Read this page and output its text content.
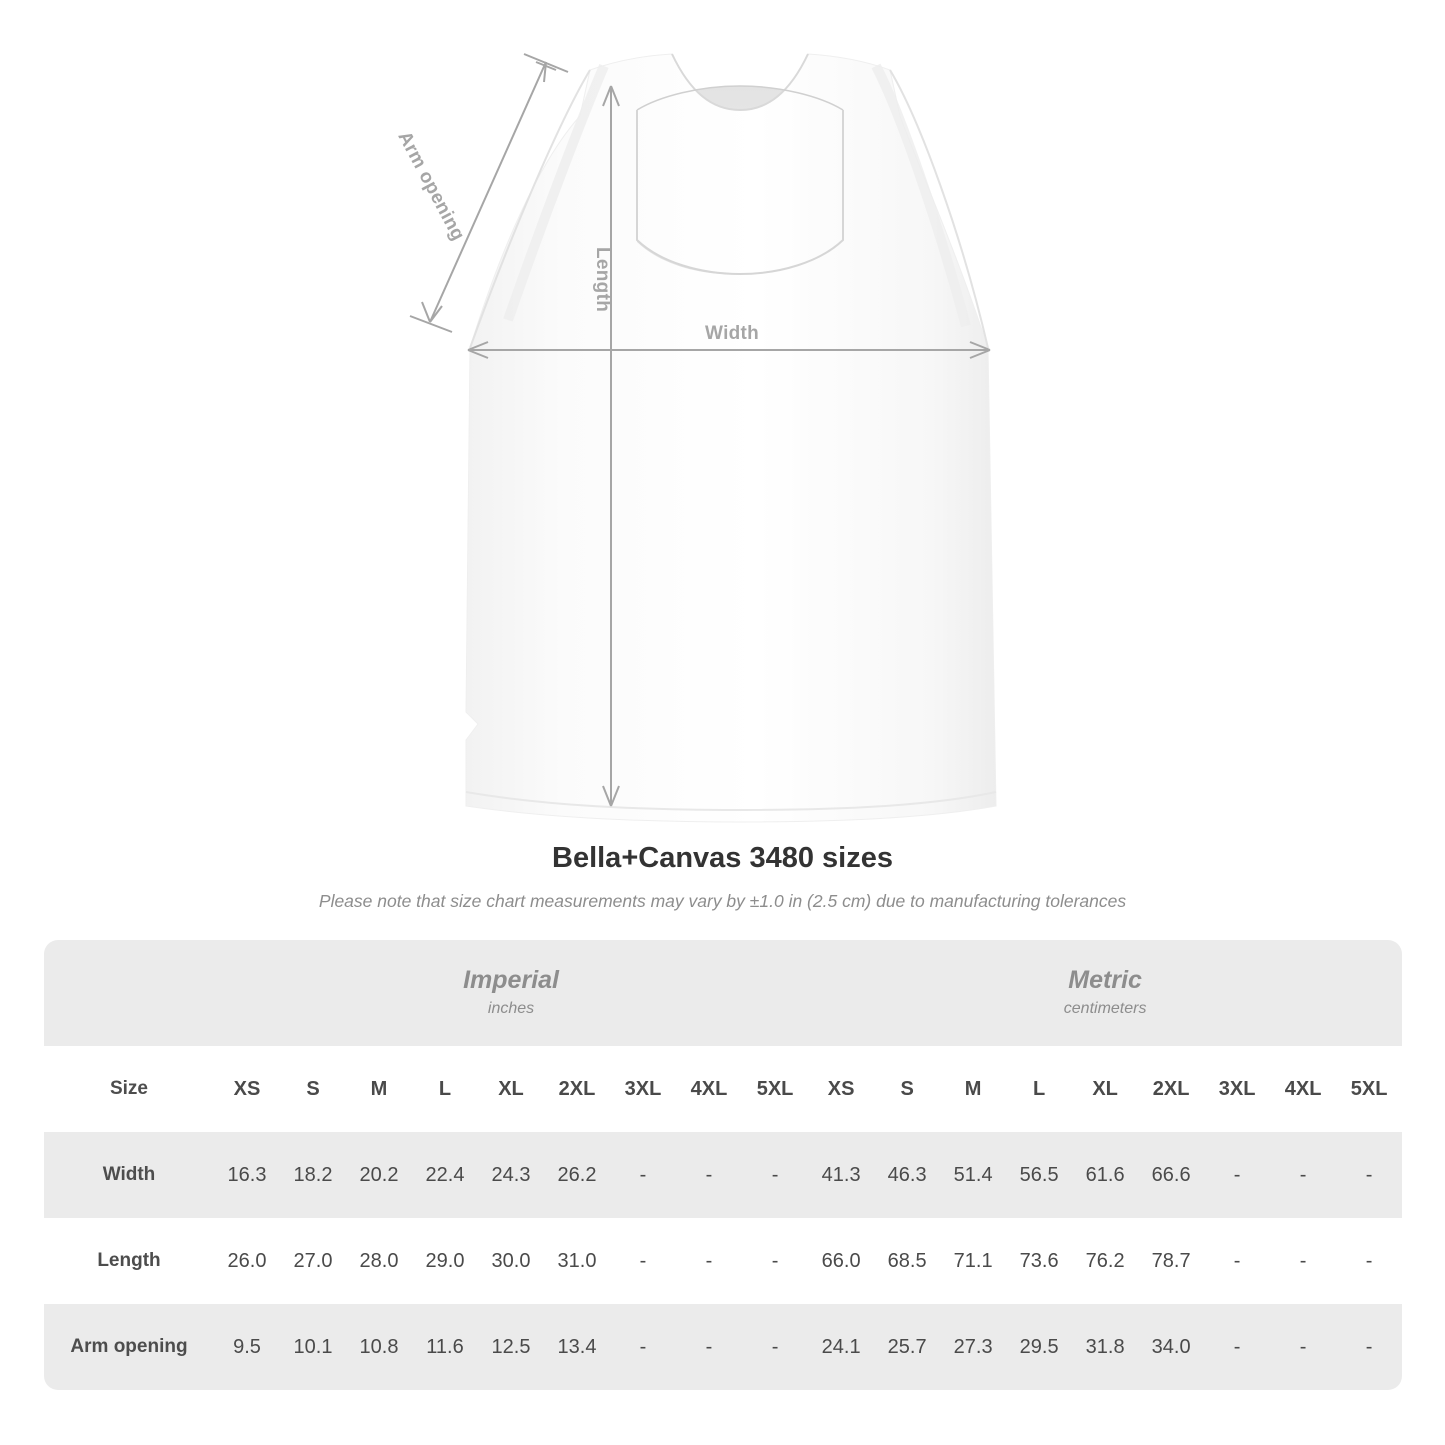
Arm opening
Length
Width
Bella+Canvas 3480 sizes

Please note that size chart measurements may vary by ±1.0 in (2.5 cm) due to manufacturing tolerances

Imperial
inches

Metric
centimeters

Size	XS	S	M	L	XL	2XL	3XL	4XL	5XL	XS	S	M	L	XL	2XL	3XL	4XL	5XL
Width	16.3	18.2	20.2	22.4	24.3	26.2	-	-	-	41.3	46.3	51.4	56.5	61.6	66.6	-	-	-
Length	26.0	27.0	28.0	29.0	30.0	31.0	-	-	-	66.0	68.5	71.1	73.6	76.2	78.7	-	-	-
Arm opening	9.5	10.1	10.8	11.6	12.5	13.4	-	-	-	24.1	25.7	27.3	29.5	31.8	34.0	-	-	-
